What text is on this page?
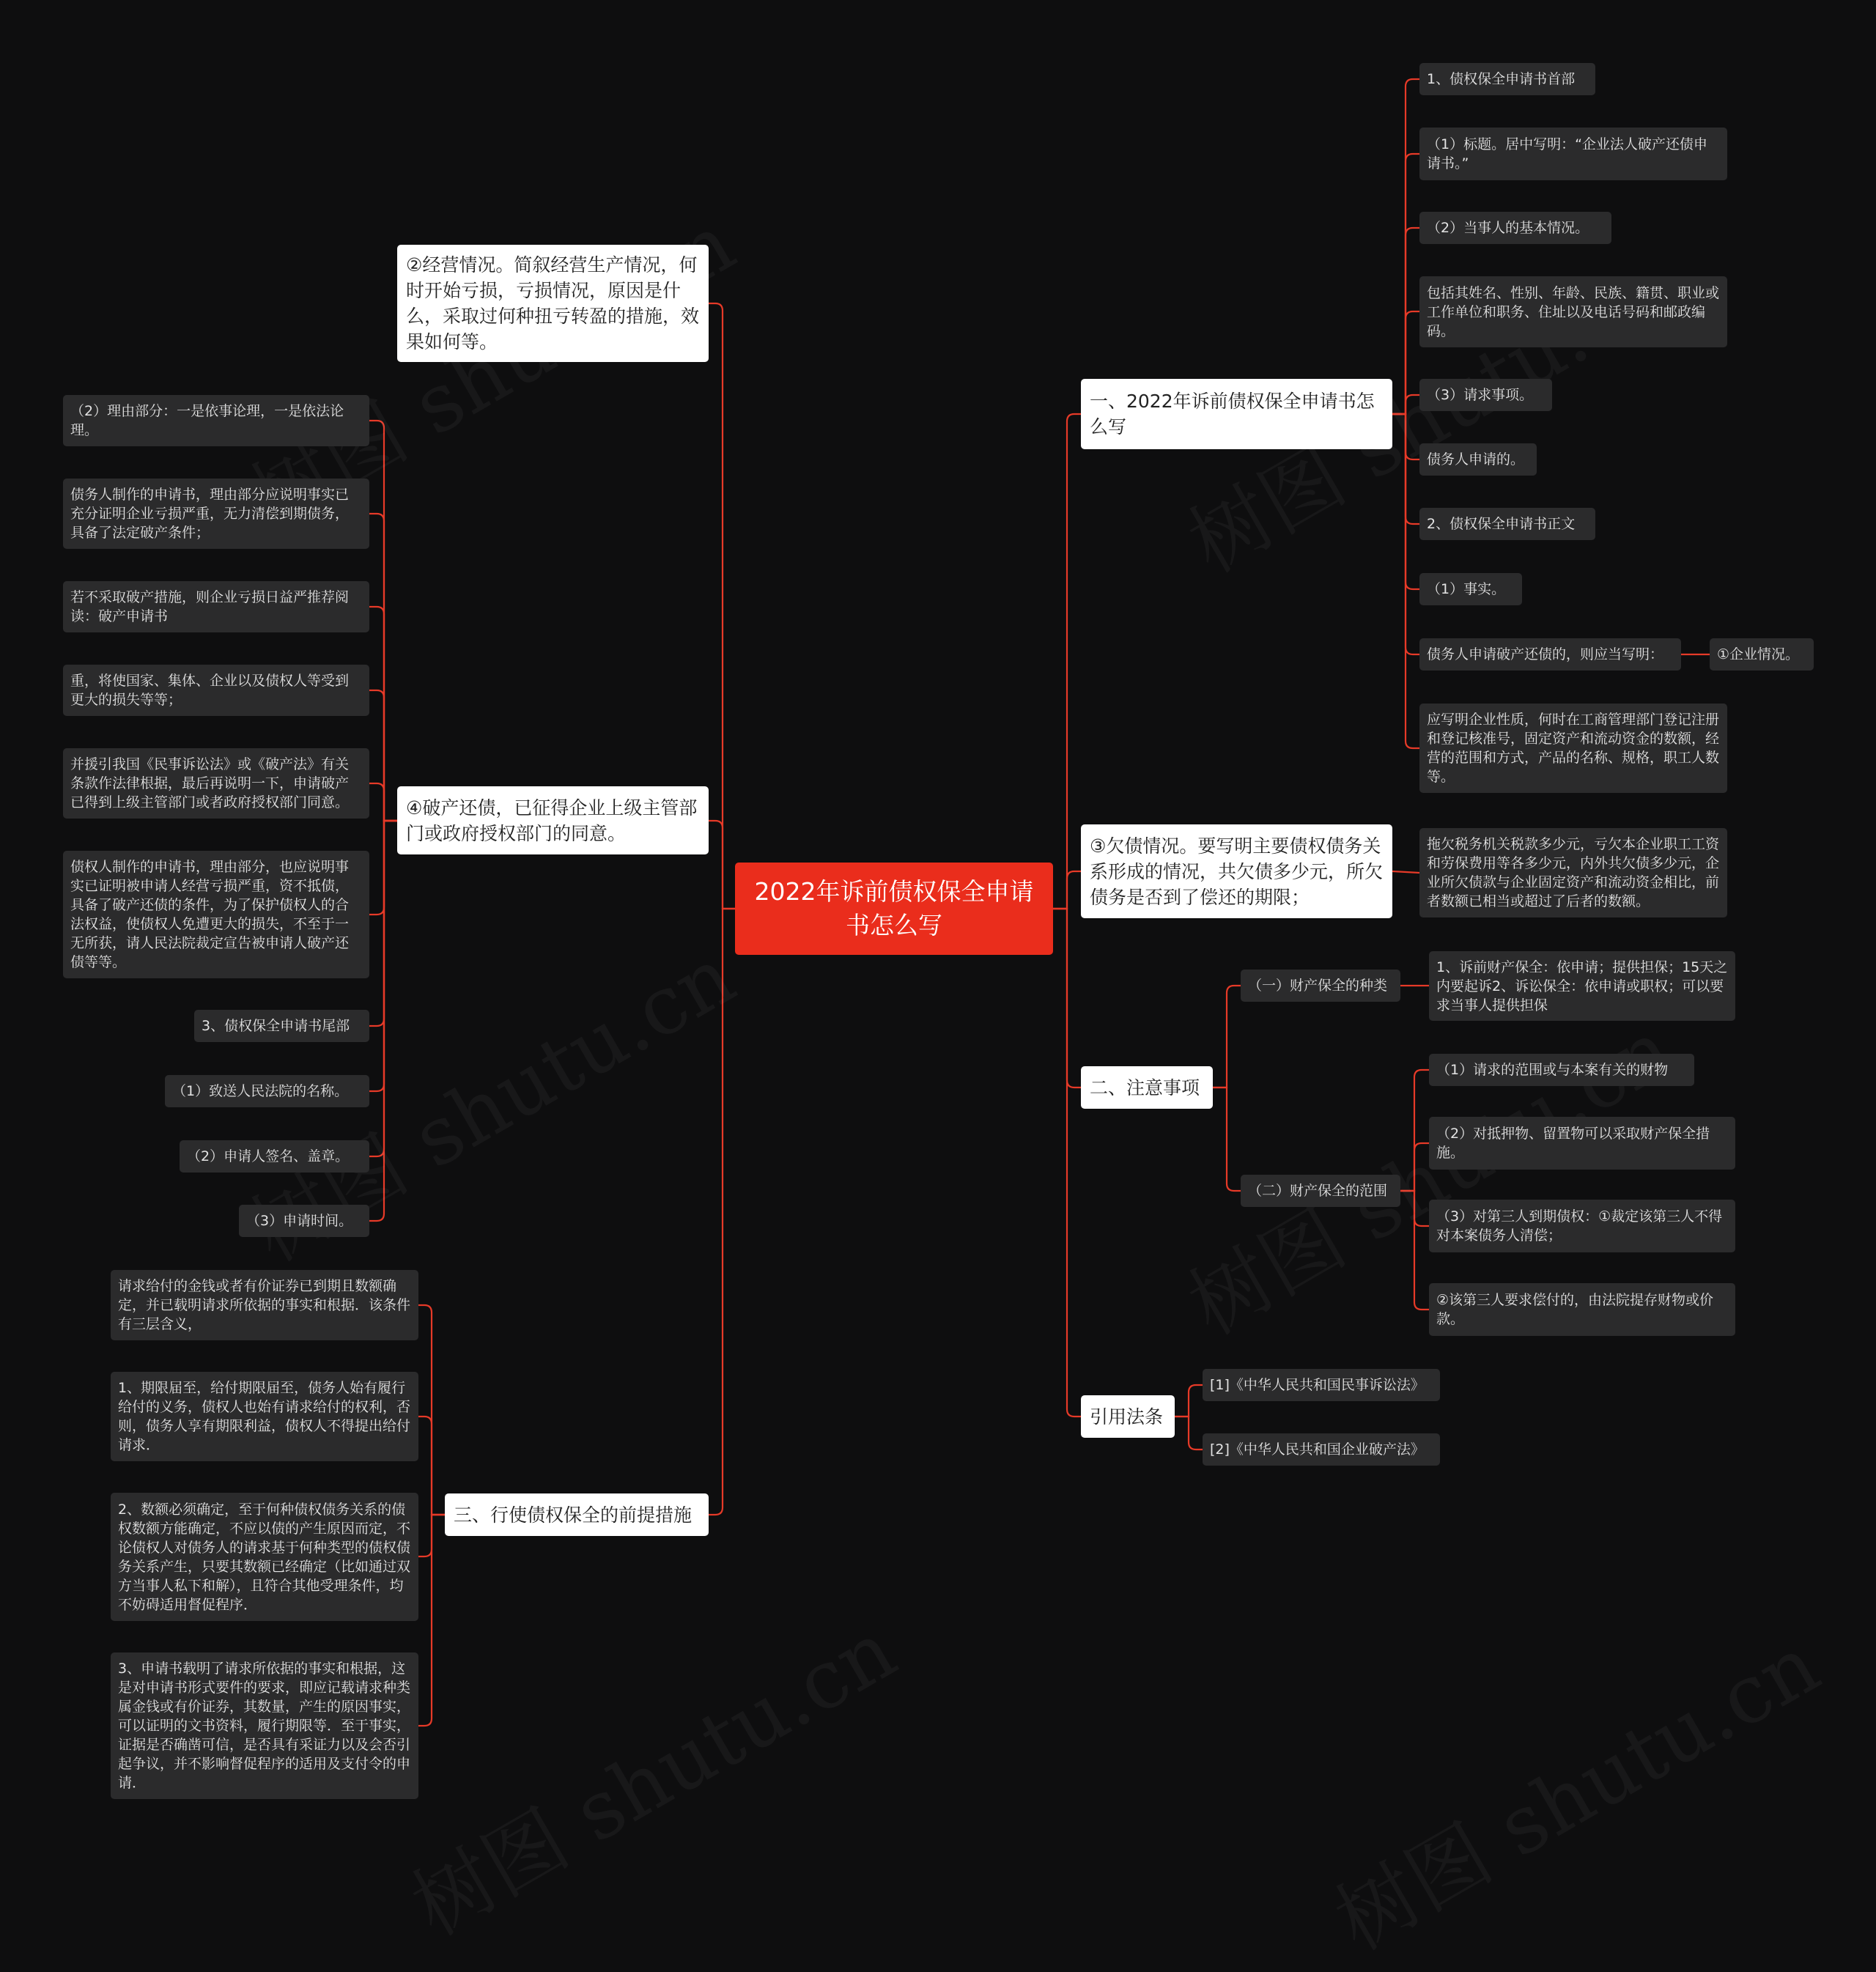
2022年诉前债权保全申请书怎么写
一、2022年诉前债权保全申请书怎么写
1、债权保全申请书首部
（1）标题。居中写明：“企业法人破产还债申请书。”
（2）当事人的基本情况。
包括其姓名、性别、年龄、民族、籍贯、职业或工作单位和职务、住址以及电话号码和邮政编码。
（3）请求事项。
债务人申请的。
2、债权保全申请书正文
（1）事实。
债务人申请破产还债的，则应当写明：	①企业情况。
应写明企业性质，何时在工商管理部门登记注册和登记核准号，固定资产和流动资金的数额，经营的范围和方式，产品的名称、规格，职工人数等。
③欠债情况。要写明主要债权债务关系形成的情况，共欠债多少元，所欠债务是否到了偿还的期限；
拖欠税务机关税款多少元，亏欠本企业职工工资和劳保费用等各多少元，内外共欠债多少元，企业所欠债款与企业固定资产和流动资金相比，前者数额已相当或超过了后者的数额。
二、注意事项
（一）财产保全的种类
1、诉前财产保全：依申请；提供担保；15天之内要起诉2、诉讼保全：依申请或职权；可以要求当事人提供担保
（二）财产保全的范围
（1）请求的范围或与本案有关的财物
（2）对抵押物、留置物可以采取财产保全措施。
（3）对第三人到期债权：①裁定该第三人不得对本案债务人清偿；
②该第三人要求偿付的，由法院提存财物或价款。
引用法条
[1]《中华人民共和国民事诉讼法》
[2]《中华人民共和国企业破产法》
②经营情况。简叙经营生产情况，何时开始亏损，亏损情况，原因是什么，采取过何种扭亏转盈的措施，效果如何等。
④破产还债，已征得企业上级主管部门或政府授权部门的同意。
（2）理由部分：一是依事论理，一是依法论理。
债务人制作的申请书，理由部分应说明事实已充分证明企业亏损严重，无力清偿到期债务，具备了法定破产条件；
若不采取破产措施，则企业亏损日益严推荐阅读：破产申请书
重，将使国家、集体、企业以及债权人等受到更大的损失等等；
并援引我国《民事诉讼法》或《破产法》有关条款作法律根据，最后再说明一下，申请破产已得到上级主管部门或者政府授权部门同意。
债权人制作的申请书，理由部分，也应说明事实已证明被申请人经营亏损严重，资不抵债，具备了破产还债的条件，为了保护债权人的合法权益，使债权人免遭更大的损失，不至于一无所获，请人民法院裁定宣告被申请人破产还债等等。
3、债权保全申请书尾部
（1）致送人民法院的名称。
（2）申请人签名、盖章。
（3）申请时间。
三、行使债权保全的前提措施
请求给付的金钱或者有价证券已到期且数额确定，并已载明请求所依据的事实和根据．该条件有三层含义，
1、期限届至，给付期限届至，债务人始有履行给付的义务，债权人也始有请求给付的权利，否则，债务人享有期限利益，债权人不得提出给付请求．
2、数额必须确定，至于何种债权债务关系的债权数额方能确定，不应以债的产生原因而定，不论债权人对债务人的请求基于何种类型的债权债务关系产生，只要其数额已经确定（比如通过双方当事人私下和解），且符合其他受理条件，均不妨碍适用督促程序．
3、申请书载明了请求所依据的事实和根据，这是对申请书形式要件的要求，即应记载请求种类属金钱或有价证券，其数量，产生的原因事实，可以证明的文书资料，履行期限等．至于事实，证据是否确凿可信，是否具有采证力以及会否引起争议，并不影响督促程序的适用及支付令的申请．
